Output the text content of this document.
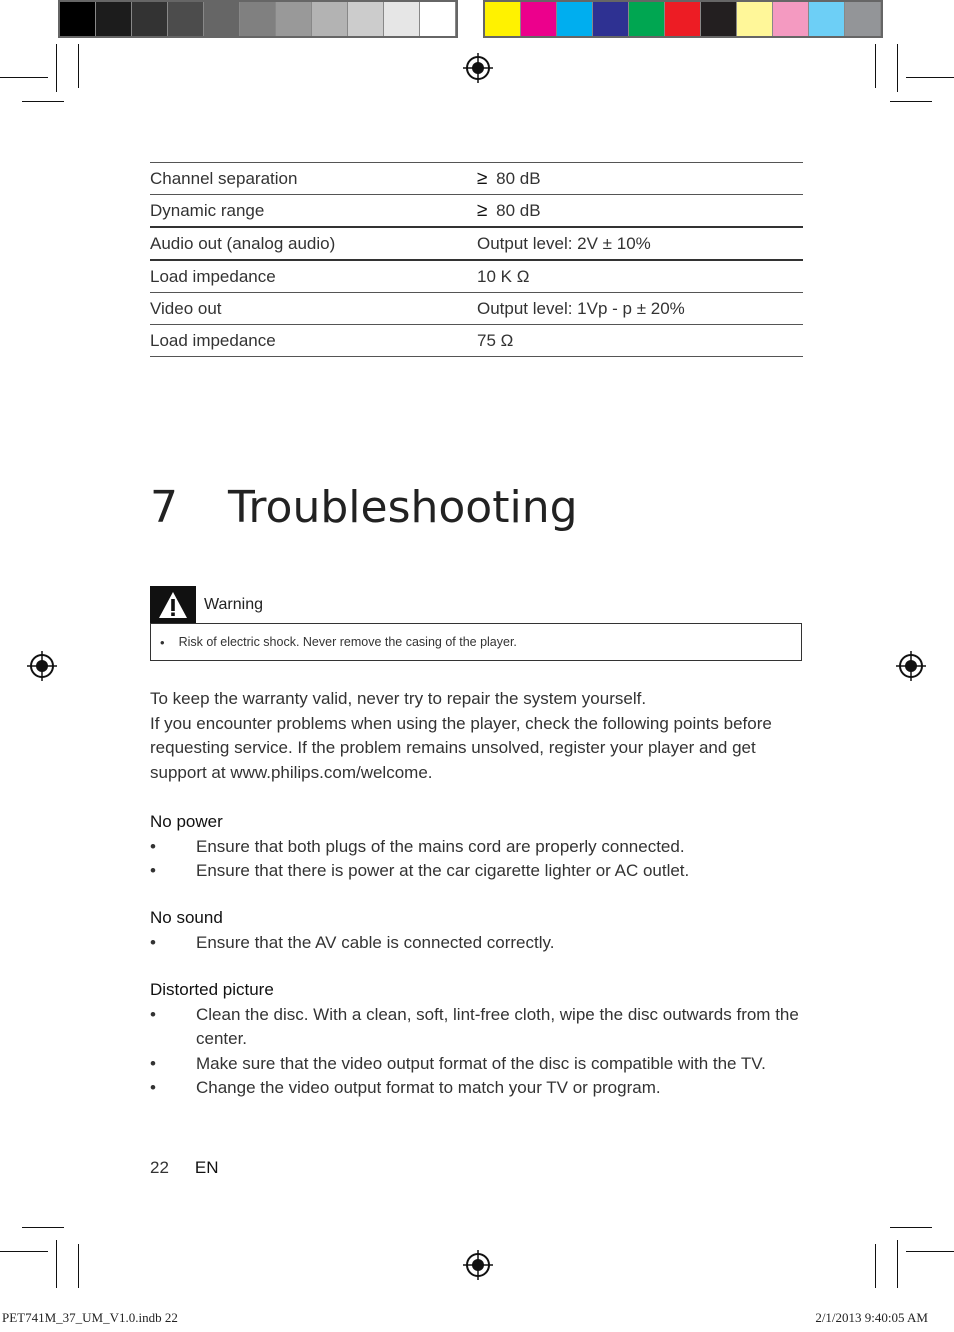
Channel separation	≥ 80 dB
Dynamic range	≥ 80 dB
Audio out (analog audio)	Output level: 2V ± 10%
Load impedance	10 K Ω
Video out	Output level: 1Vp - p ± 20%
Load impedance	75 Ω
7 Troubleshooting
Warning
• Risk of electric shock. Never remove the casing of the player.

To keep the warranty valid, never try to repair the system yourself.

If you encounter problems when using the player, check the following points before requesting service. If the problem remains unsolved, register your player and get support at www.philips.com/welcome.

No power
• Ensure that both plugs of the mains cord are properly connected.
• Ensure that there is power at the car cigarette lighter or AC outlet.
No sound
• Ensure that the AV cable is connected correctly.
Distorted picture
• Clean the disc. With a clean, soft, lint-free cloth, wipe the disc outwards from the center.
• Make sure that the video output format of the disc is compatible with the TV.
• Change the video output format to match your TV or program.
22 EN
PET741M_37_UM_V1.0.indb 22	2/1/2013 9:40:05 AM
